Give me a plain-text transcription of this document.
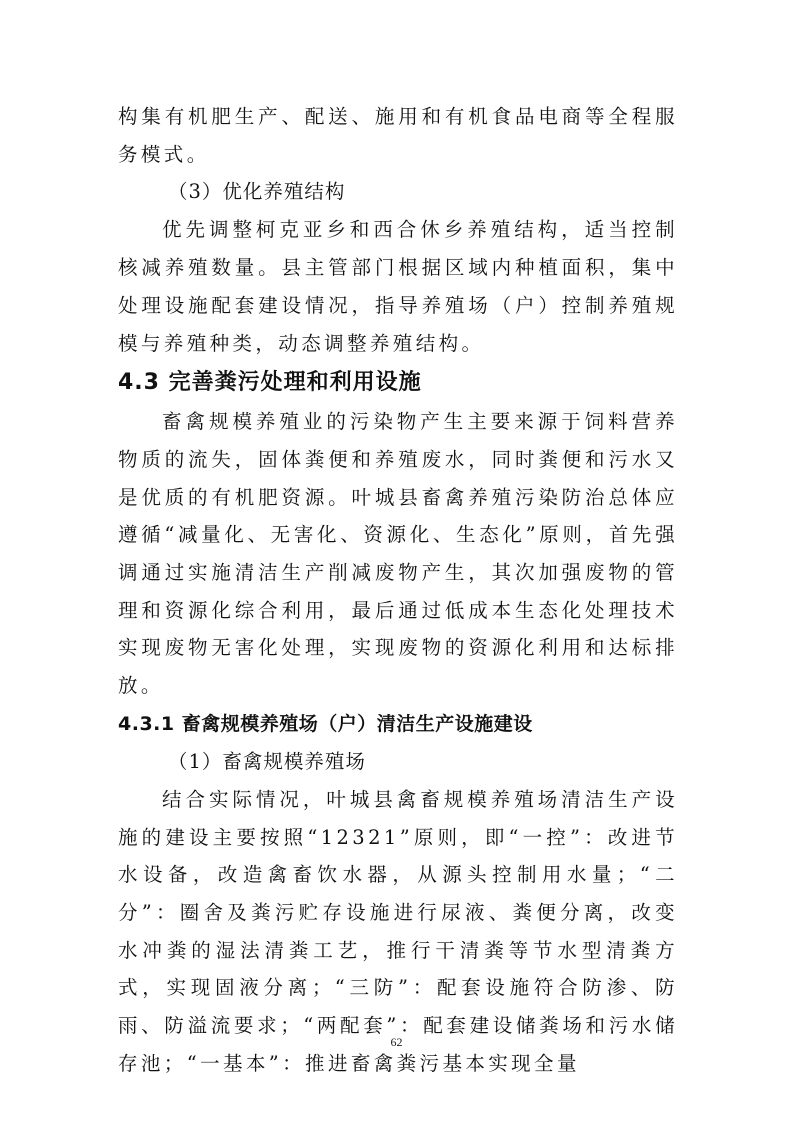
构集有机肥生产、配送、施用和有机食品电商等全程服务模式。

（3）优化养殖结构

优先调整柯克亚乡和西合休乡养殖结构，适当控制核减养殖数量。县主管部门根据区域内种植面积，集中处理设施配套建设情况，指导养殖场（户）控制养殖规模与养殖种类，动态调整养殖结构。

4.3 完善粪污处理和利用设施

畜禽规模养殖业的污染物产生主要来源于饲料营养物质的流失，固体粪便和养殖废水，同时粪便和污水又是优质的有机肥资源。叶城县畜禽养殖污染防治总体应遵循“减量化、无害化、资源化、生态化”原则，首先强调通过实施清洁生产削减废物产生，其次加强废物的管理和资源化综合利用，最后通过低成本生态化处理技术实现废物无害化处理，实现废物的资源化利用和达标排放。

4.3.1 畜禽规模养殖场（户）清洁生产设施建设

（1）畜禽规模养殖场

结合实际情况，叶城县禽畜规模养殖场清洁生产设施的建设主要按照“12321”原则，即“一控”：改进节水设备，改造禽畜饮水器，从源头控制用水量；“二分”：圈舍及粪污贮存设施进行尿液、粪便分离，改变水冲粪的湿法清粪工艺，推行干清粪等节水型清粪方式，实现固液分离；“三防”：配套设施符合防渗、防雨、防溢流要求；“两配套”：配套建设储粪场和污水储存池；“一基本”：推进畜禽粪污基本实现全量

62
